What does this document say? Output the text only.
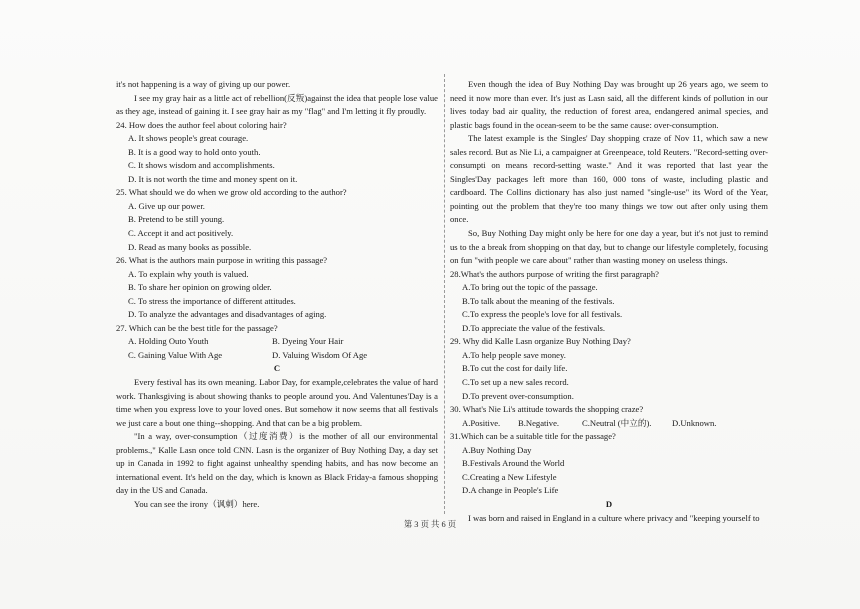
it's not happening is a way of giving up our power.

I see my gray hair as a little act of rebellion(反叛)against the idea that people lose value as they age, instead of gaining it. I see gray hair as my "flag" and I'm letting it fly proudly.

24. How does the author feel about coloring hair?

A. It shows people's great courage.

B. It is a good way to hold onto youth.

C. It shows wisdom and accomplishments.

D. It is not worth the time and money spent on it.

25. What should we do when we grow old according to the author?

A. Give up our power.

B. Pretend to be still young.

C. Accept it and act positively.

D. Read as many books as possible.

26. What is the authors main purpose in writing this passage?

A. To explain why youth is valued.

B. To share her opinion on growing older.

C. To stress the importance of different attitudes.

D. To analyze the advantages and disadvantages of aging.

27. Which can be the best title for the passage?

A. Holding Outo Youth	B. Dyeing Your Hair
C. Gaining Value With Age	D. Valuing Wisdom Of Age

C

Every festival has its own meaning. Labor Day, for example,celebrates the value of hard work. Thanksgiving is about showing thanks to people around you. And Valentunes'Day is a time when you express love to your loved ones. But somehow it now seems that all festivals we just care a bout one thing--shopping. And that can be a big problem.

"In a way, over-consumption（过度消费）is the mother of all our environmental problems.," Kalle Lasn once told CNN. Lasn is the organizer of Buy Nothing Day, a day set up in Canada in 1992 to fight against unhealthy spending habits, and has now become an international event. It's held on the day, which is known as Black Friday-a famous shopping day in the US and Canada.

You can see the irony（讽刺）here.

Even though the idea of Buy Nothing Day was brought up 26 years ago, we seem to need it now more than ever. It's just as Lasn said, all the different kinds of pollution in our lives today bad air quality, the reduction of forest area, endangered animal species, and plastic bags found in the ocean-seem to be the same cause: over-consumption.

The latest example is the Singles' Day shopping craze of Nov 11, which saw a new sales record. But as Nie Li, a campaigner at Greenpeace, told Reuters. "Record-setting over-consumpti on means record-setting waste." And it was reported that last year the Singles'Day packages left more than 160, 000 tons of waste, including plastic and cardboard. The Collins dictionary has also just named "single-use" its Word of the Year, pointing out the problem that they're too many things we tow out after only using them once.

So, Buy Nothing Day might only be here for one day a year, but it's not just to remind us to the a break from shopping on that day, but to change our lifestyle completely, focusing on fun "with people we care about" rather than wasting money on useless things.

28.What's the authors purpose of writing the first paragraph?

A.To bring out the topic of the passage.

B.To talk about the meaning of the festivals.

C.To express the people's love for all festivals.

D.To appreciate the value of the festivals.

29. Why did Kalle Lasn organize Buy Nothing Day?

A.To help people save money.

B.To cut the cost for daily life.

C.To set up a new sales record.

D.To prevent over-consumption.

30. What's Nie Li's attitude towards the shopping craze?

A.Positive.	B.Negative.	C.Neutral (中立的).	D.Unknown.

31.Which can be a suitable title for the passage?

A.Buy Nothing Day

B.Festivals Around the World

C.Creating a New Lifestyle

D.A change in People's Life

D

I was born and raised in England in a culture where privacy and "keeping yourself to

第 3 页 共 6 页
